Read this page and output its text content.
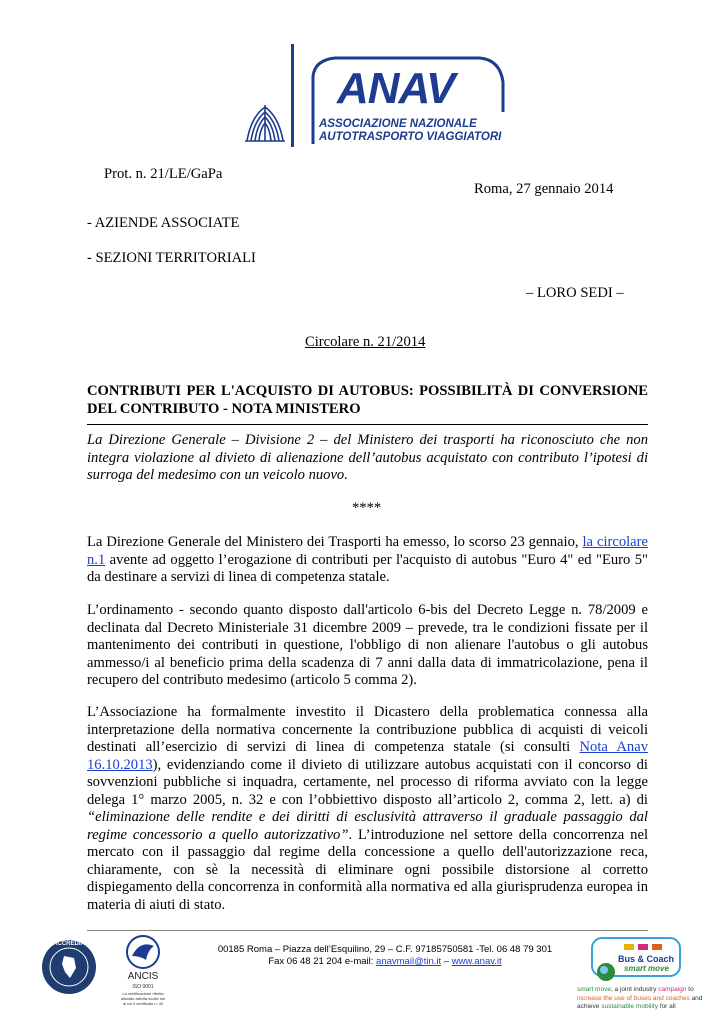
ANAV
ASSOCIAZIONE NAZIONALE
AUTOTRASPORTO VIAGGIATORI
Prot. n. 21/LE/GaPa
Roma, 27 gennaio 2014
- AZIENDE ASSOCIATE
- SEZIONI TERRITORIALI
– LORO SEDI –
Circolare n. 21/2014
CONTRIBUTI PER L'ACQUISTO DI AUTOBUS: POSSIBILITÀ DI CONVERSIONE DEL CONTRIBUTO - NOTA MINISTERO
La Direzione Generale – Divisione 2 – del Ministero dei trasporti ha riconosciuto che non integra violazione al divieto di alienazione dell’autobus acquistato con contributo l’ipotesi di surroga del medesimo con un veicolo nuovo.
****
La Direzione Generale del Ministero dei Trasporti ha emesso, lo scorso 23 gennaio, la circolare n.1 avente ad oggetto l’erogazione di contributi per l'acquisto di autobus "Euro 4" ed "Euro 5" da destinare a servizi di linea di competenza statale.
L’ordinamento - secondo quanto disposto dall'articolo 6-bis del Decreto Legge n. 78/2009 e declinata dal Decreto Ministeriale 31 dicembre 2009 – prevede, tra le condizioni fissate per il mantenimento dei contributi in questione, l'obbligo di non alienare l'autobus o gli autobus ammesso/i al beneficio prima della scadenza di 7 anni dalla data di immatricolazione, pena il recupero del contributo medesimo (articolo 5 comma 2).
L’Associazione ha formalmente investito il Dicastero della problematica connessa alla interpretazione della normativa concernente la contribuzione pubblica di acquisti di veicoli destinati all’esercizio di servizi di linea di competenza statale (si consulti Nota Anav 16.10.2013), evidenziando come il divieto di utilizzare autobus acquistati con il concorso di sovvenzioni pubbliche si inquadra, certamente, nel processo di riforma avviato con la legge delega 1° marzo 2005, n. 32 e con l’obbiettivo disposto all’articolo 2, comma 2, lett. a) di “eliminazione delle rendite e dei diritti di esclusività attraverso il graduale passaggio dal regime concessorio a quello autorizzativo”. L’introduzione nel settore della concorrenza nel mercato con il passaggio dal regime della concessione a quello dell'autorizzazione reca, chiaramente, con sè la necessità di eliminare ogni possibile distorsione al corretto dispiegamento della concorrenza in conformità alla normativa ed alla giurisprudenza europea in materia di aiuti di stato.
ACCREDIA
ANCIS
ISO 9001
La certificazione riferita
allo/alle attività svolte nel
di cui il certificato n. 40
00185 Roma – Piazza dell’Esquilino, 29 – C.F. 97185750581 -Tel. 06 48 79 301
Fax 06 48 21 204 e-mail: anavmail@tin.it – www.anav.it	Bus & Coach
smart move
smart move, a joint industry campaign to
increase the use of buses and coaches and
achieve sustainable mobility for all
